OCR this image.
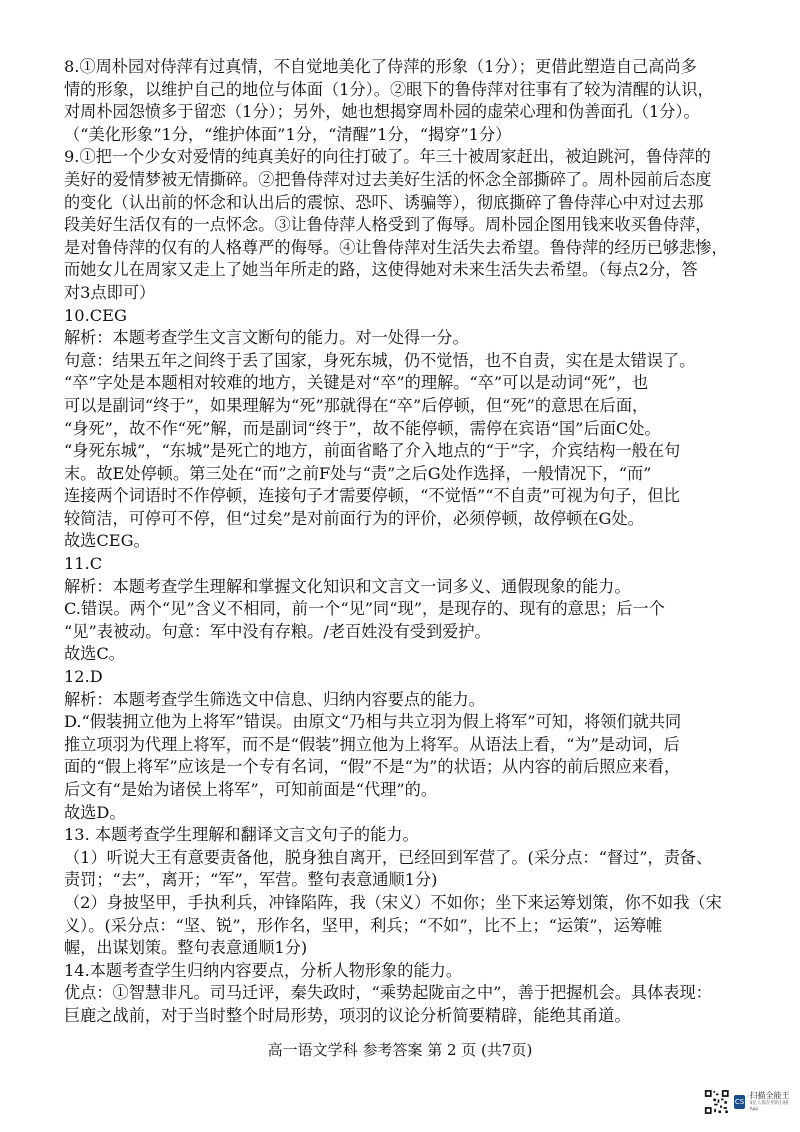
8.①周朴园对侍萍有过真情，不自觉地美化了侍萍的形象（1分）；更借此塑造自己高尚多
情的形象，以维护自己的地位与体面（1分）。②眼下的鲁侍萍对往事有了较为清醒的认识，
对周朴园怨愤多于留恋（1分）；另外，她也想揭穿周朴园的虚荣心理和伪善面孔（1分）。
（“美化形象”1分，“维护体面”1分，“清醒”1分，“揭穿”1分）
9.①把一个少女对爱情的纯真美好的向往打破了。年三十被周家赶出，被迫跳河，鲁侍萍的
美好的爱情梦被无情撕碎。②把鲁侍萍对过去美好生活的怀念全部撕碎了。周朴园前后态度
的变化（认出前的怀念和认出后的震惊、恐吓、诱骗等），彻底撕碎了鲁侍萍心中对过去那
段美好生活仅有的一点怀念。③让鲁侍萍人格受到了侮辱。周朴园企图用钱来收买鲁侍萍，
是对鲁侍萍的仅有的人格尊严的侮辱。④让鲁侍萍对生活失去希望。鲁侍萍的经历已够悲惨，
而她女儿在周家又走上了她当年所走的路，这使得她对未来生活失去希望。（每点2分，答
对3点即可）
10.CEG
解析：本题考查学生文言文断句的能力。对一处得一分。
句意：结果五年之间终于丢了国家，身死东城，仍不觉悟，也不自责，实在是太错误了。
“卒”字处是本题相对较难的地方，关键是对“卒”的理解。“卒”可以是动词“死”，也
可以是副词“终于”，如果理解为“死”那就得在“卒”后停顿，但“死”的意思在后面，
“身死”，故不作“死”解，而是副词“终于”，故不能停顿，需停在宾语“国”后面C处。
“身死东城”，“东城”是死亡的地方，前面省略了介入地点的“于”字，介宾结构一般在句
末。故E处停顿。第三处在“而”之前F处与“责”之后G处作选择，一般情况下，“而”
连接两个词语时不作停顿，连接句子才需要停顿，“不觉悟”“不自责”可视为句子，但比
较简洁，可停可不停，但“过矣”是对前面行为的评价，必须停顿，故停顿在G处。
故选CEG。
11.C
解析：本题考查学生理解和掌握文化知识和文言文一词多义、通假现象的能力。
C.错误。两个“见”含义不相同，前一个“见”同“现”，是现存的、现有的意思；后一个
“见”表被动。句意：军中没有存粮。/老百姓没有受到爱护。
故选C。
12.D
解析：本题考查学生筛选文中信息、归纳内容要点的能力。
D.“假装拥立他为上将军”错误。由原文“乃相与共立羽为假上将军”可知，将领们就共同
推立项羽为代理上将军，而不是“假装”拥立他为上将军。从语法上看，“为”是动词，后
面的“假上将军”应该是一个专有名词，“假”不是“为”的状语；从内容的前后照应来看，
后文有“是始为诸侯上将军”，可知前面是“代理”的。
故选D。
13. 本题考查学生理解和翻译文言文句子的能力。
（1）听说大王有意要责备他，脱身独自离开，已经回到军营了。(采分点：“督过”，责备、
责罚；“去”，离开；“军”，军营。整句表意通顺1分)
（2）身披坚甲，手执利兵，冲锋陷阵，我（宋义）不如你；坐下来运筹划策，你不如我（宋
义）。(采分点：“坚、锐”，形作名，坚甲，利兵；“不如”，比不上；“运策”，运筹帷
幄，出谋划策。整句表意通顺1分)
14.本题考查学生归纳内容要点，分析人物形象的能力。
优点：①智慧非凡。司马迁评，秦失政时，“乘势起陇亩之中”，善于把握机会。具体表现：
巨鹿之战前，对于当时整个时局形势，项羽的议论分析简要精辟，能绝其甬道。
高一语文学科 参考答案 第 2 页 (共7页)
CS
扫描全能王
3亿人都在用的扫描App
